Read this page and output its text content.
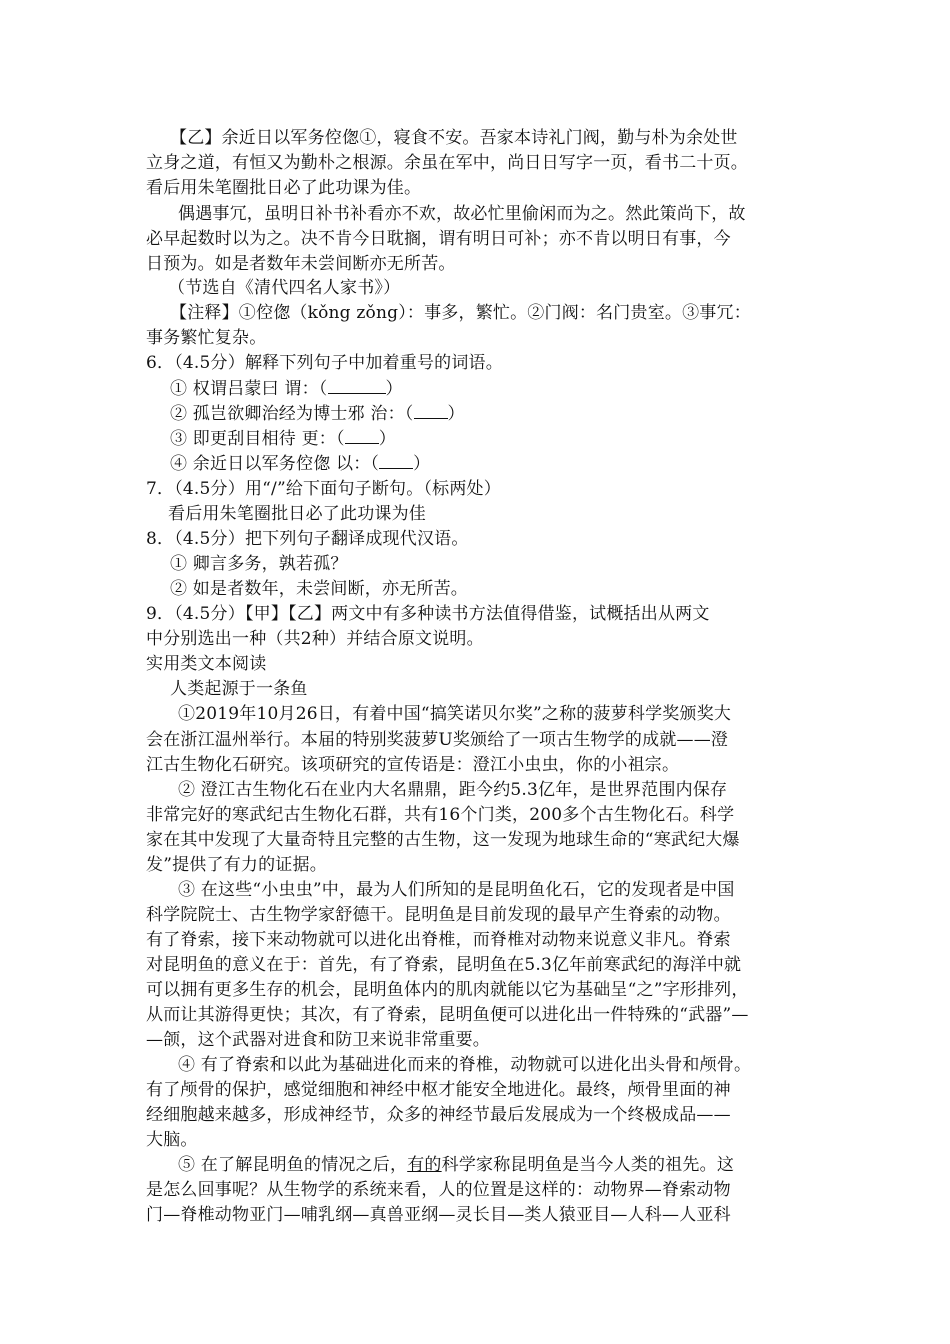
【乙】余近日以军务倥偬①，寝食不安。吾家本诗礼门阀，勤与朴为余处世
立身之道，有恒又为勤朴之根源。余虽在军中，尚日日写字一页，看书二十页。
看后用朱笔圈批日必了此功课为佳。
偶遇事冗，虽明日补书补看亦不欢，故必忙里偷闲而为之。然此策尚下，故
必早起数时以为之。决不肯今日耽搁，谓有明日可补；亦不肯以明日有事，今
日预为。如是者数年未尝间断亦无所苦。
（节选自《清代四名人家书》）
【注释】①倥偬（kǒng zǒng）：事多，繁忙。②门阀：名门贵室。③事冗：
事务繁忙复杂。
6．（4.5分）解释下列句子中加着重号的词语。
① 权谓吕蒙曰 谓：（	）
② 孤岂欲卿治经为博士邪 治：（ ）
③ 即更刮目相待 更：（ ）
④ 余近日以军务倥偬 以：（ ）
7．（4.5分）用“/”给下面句子断句。（标两处）
看后用朱笔圈批日必了此功课为佳
8．（4.5分）把下列句子翻译成现代汉语。
① 卿言多务，孰若孤？
② 如是者数年，未尝间断，亦无所苦。
9．（4.5分）【甲】【乙】两文中有多种读书方法值得借鉴，试概括出从两文
中分别选出一种（共2种）并结合原文说明。
实用类文本阅读
人类起源于一条鱼
①2019年10月26日，有着中国“搞笑诺贝尔奖”之称的菠萝科学奖颁奖大
会在浙江温州举行。本届的特别奖菠萝U奖颁给了一项古生物学的成就——澄
江古生物化石研究。该项研究的宣传语是：澄江小虫虫，你的小祖宗。
② 澄江古生物化石在业内大名鼎鼎，距今约5.3亿年，是世界范围内保存
非常完好的寒武纪古生物化石群，共有16个门类，200多个古生物化石。科学
家在其中发现了大量奇特且完整的古生物，这一发现为地球生命的“寒武纪大爆
发”提供了有力的证据。
③ 在这些“小虫虫”中，最为人们所知的是昆明鱼化石，它的发现者是中国
科学院院士、古生物学家舒德干。昆明鱼是目前发现的最早产生脊索的动物。
有了脊索，接下来动物就可以进化出脊椎，而脊椎对动物来说意义非凡。脊索
对昆明鱼的意义在于：首先，有了脊索，昆明鱼在5.3亿年前寒武纪的海洋中就
可以拥有更多生存的机会，昆明鱼体内的肌肉就能以它为基础呈“之”字形排列，
从而让其游得更快；其次，有了脊索，昆明鱼便可以进化出一件特殊的“武器”—
—颌，这个武器对进食和防卫来说非常重要。
④ 有了脊索和以此为基础进化而来的脊椎，动物就可以进化出头骨和颅骨。
有了颅骨的保护，感觉细胞和神经中枢才能安全地进化。最终，颅骨里面的神
经细胞越来越多，形成神经节，众多的神经节最后发展成为一个终极成品——
大脑。
⑤ 在了解昆明鱼的情况之后，有的科学家称昆明鱼是当今人类的祖先。这
是怎么回事呢？从生物学的系统来看，人的位置是这样的：动物界—脊索动物
门—脊椎动物亚门—哺乳纲—真兽亚纲—灵长目—类人猿亚目—人科—人亚科
